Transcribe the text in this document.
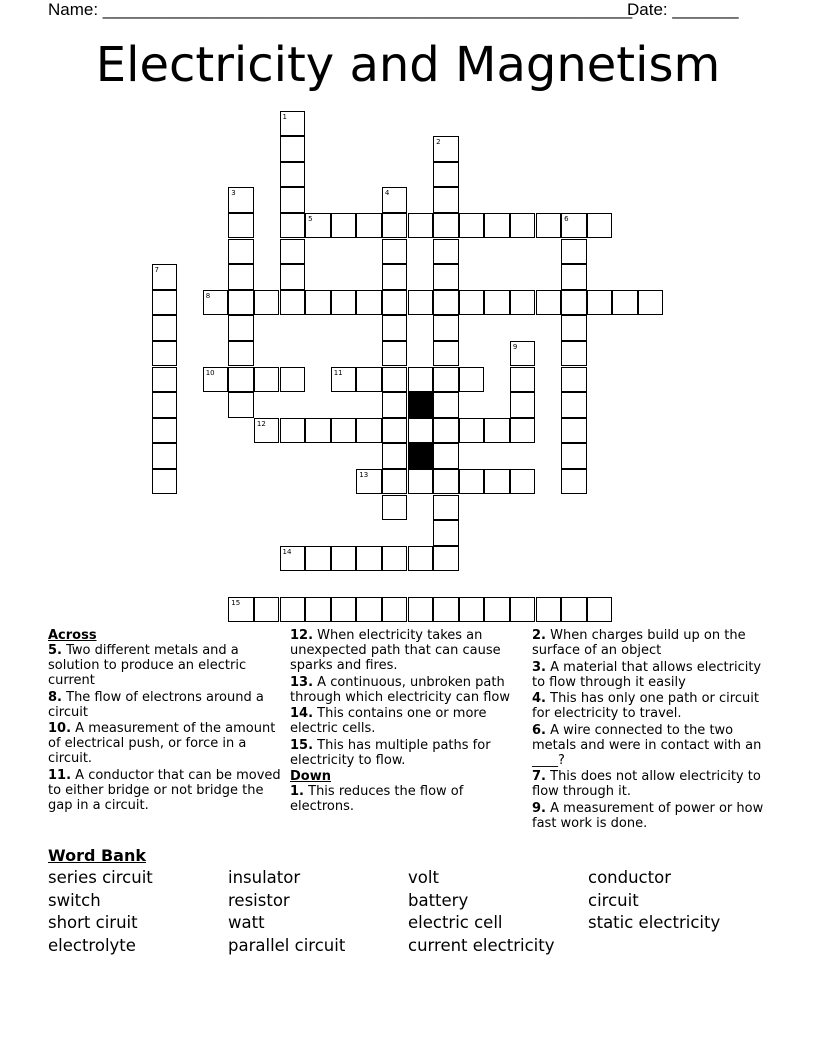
Name: ________________________________________________________
Date: _______
Electricity and Magnetism
1
2
3	4
5	6
7
8
9
10	11
12
13
14
15
Across
5. Two different metals and a solution to produce an electric current
8. The flow of electrons around a circuit
10. A measurement of the amount of electrical push, or force in a circuit.
11. A conductor that can be moved to either bridge or not bridge the gap in a circuit.
12. When electricity takes an unexpected path that can cause sparks and fires.
13. A continuous, unbroken path through which electricity can flow
14. This contains one or more electric cells.
15. This has multiple paths for electricity to flow.
Down
1. This reduces the flow of electrons.
2. When charges build up on the surface of an object
3. A material that allows electricity to flow through it easily
4. This has only one path or circuit for electricity to travel.
6. A wire connected to the two metals and were in contact with an ____?
7. This does not allow electricity to flow through it.
9. A measurement of power or how fast work is done.
Word Bank
series circuit	insulator	volt	conductor
switch	resistor	battery	circuit
short ciruit	watt	electric cell	static electricity
electrolyte	parallel circuit	current electricity
